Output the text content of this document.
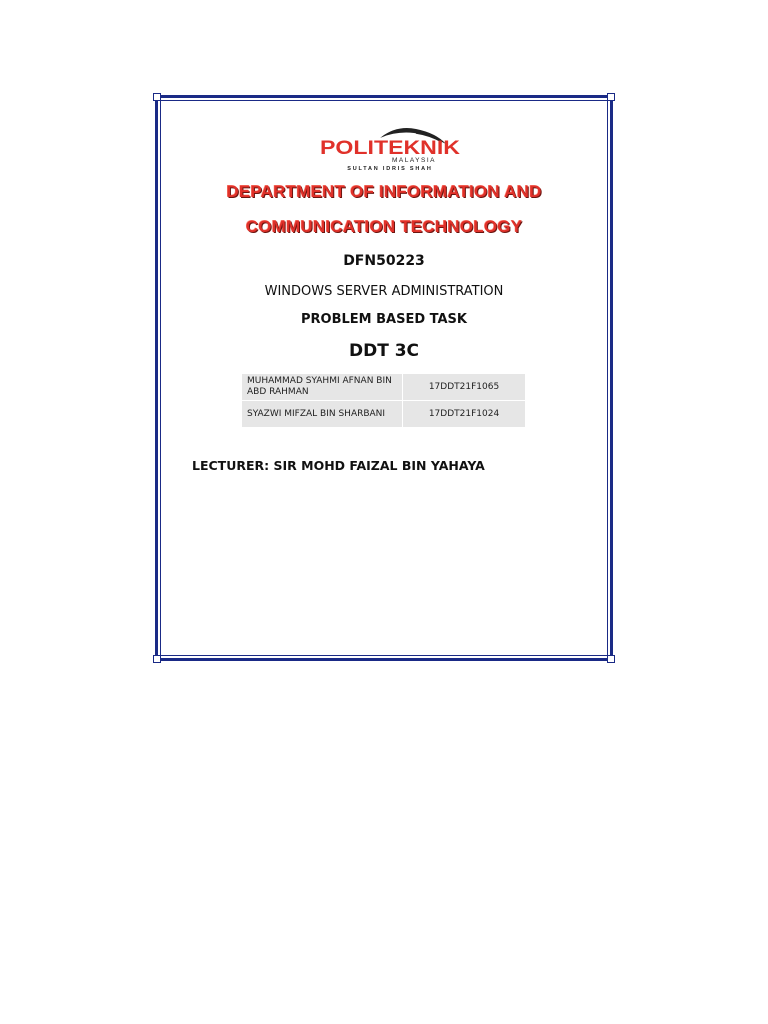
POLITEKNIK
MALAYSIA
SULTAN IDRIS SHAH
DEPARTMENT OF INFORMATION AND
COMMUNICATION TECHNOLOGY
DFN50223
WINDOWS SERVER ADMINISTRATION
PROBLEM BASED TASK
DDT 3C
MUHAMMAD SYAHMI AFNAN BIN ABD RAHMAN	17DDT21F1065
SYAZWI MIFZAL BIN SHARBANI	17DDT21F1024
LECTURER: SIR MOHD FAIZAL BIN YAHAYA
